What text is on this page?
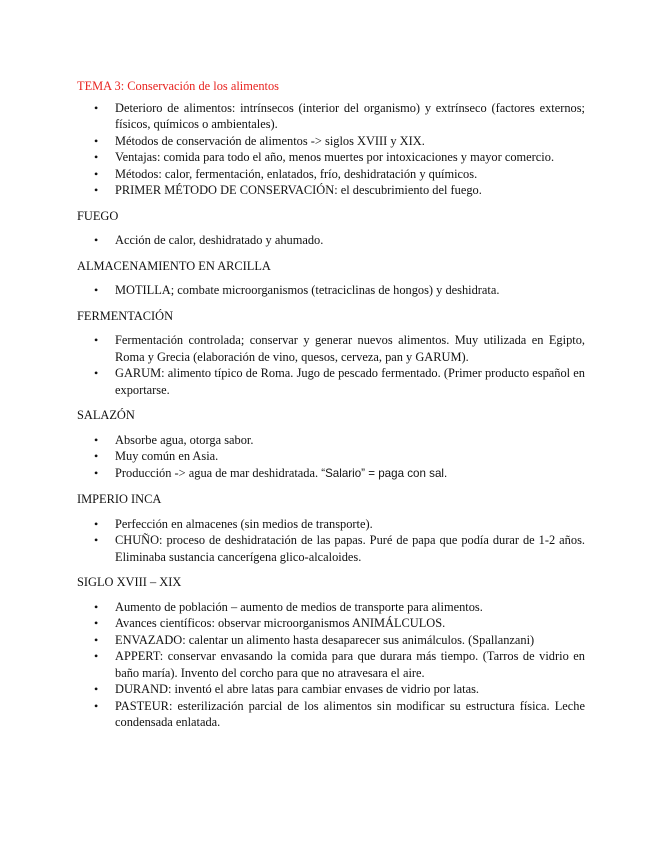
TEMA 3: Conservación de los alimentos
• Deterioro de alimentos: intrínsecos (interior del organismo) y extrínseco (factores externos; físicos, químicos o ambientales).
• Métodos de conservación de alimentos -> siglos XVIII y XIX.
• Ventajas: comida para todo el año, menos muertes por intoxicaciones y mayor comercio.
• Métodos: calor, fermentación, enlatados, frío, deshidratación y químicos.
• PRIMER MÉTODO DE CONSERVACIÓN: el descubrimiento del fuego.
FUEGO
• Acción de calor, deshidratado y ahumado.
ALMACENAMIENTO EN ARCILLA
• MOTILLA; combate microorganismos (tetraciclinas de hongos) y deshidrata.
FERMENTACIÓN
• Fermentación controlada; conservar y generar nuevos alimentos. Muy utilizada en Egipto, Roma y Grecia (elaboración de vino, quesos, cerveza, pan y GARUM).
• GARUM: alimento típico de Roma. Jugo de pescado fermentado. (Primer producto español en exportarse.
SALAZÓN
• Absorbe agua, otorga sabor.
• Muy común en Asia.
• Producción -> agua de mar deshidratada. “Salario” = paga con sal.
IMPERIO INCA
• Perfección en almacenes (sin medios de transporte).
• CHUÑO: proceso de deshidratación de las papas. Puré de papa que podía durar de 1-2 años. Eliminaba sustancia cancerígena glico-alcaloides.
SIGLO XVIII – XIX
• Aumento de población – aumento de medios de transporte para alimentos.
• Avances científicos: observar microorganismos ANIMÁLCULOS.
• ENVAZADO: calentar un alimento hasta desaparecer sus animálculos. (Spallanzani)
• APPERT: conservar envasando la comida para que durara más tiempo. (Tarros de vidrio en baño maría). Invento del corcho para que no atravesara el aire.
• DURAND: inventó el abre latas para cambiar envases de vidrio por latas.
• PASTEUR: esterilización parcial de los alimentos sin modificar su estructura física. Leche condensada enlatada.
